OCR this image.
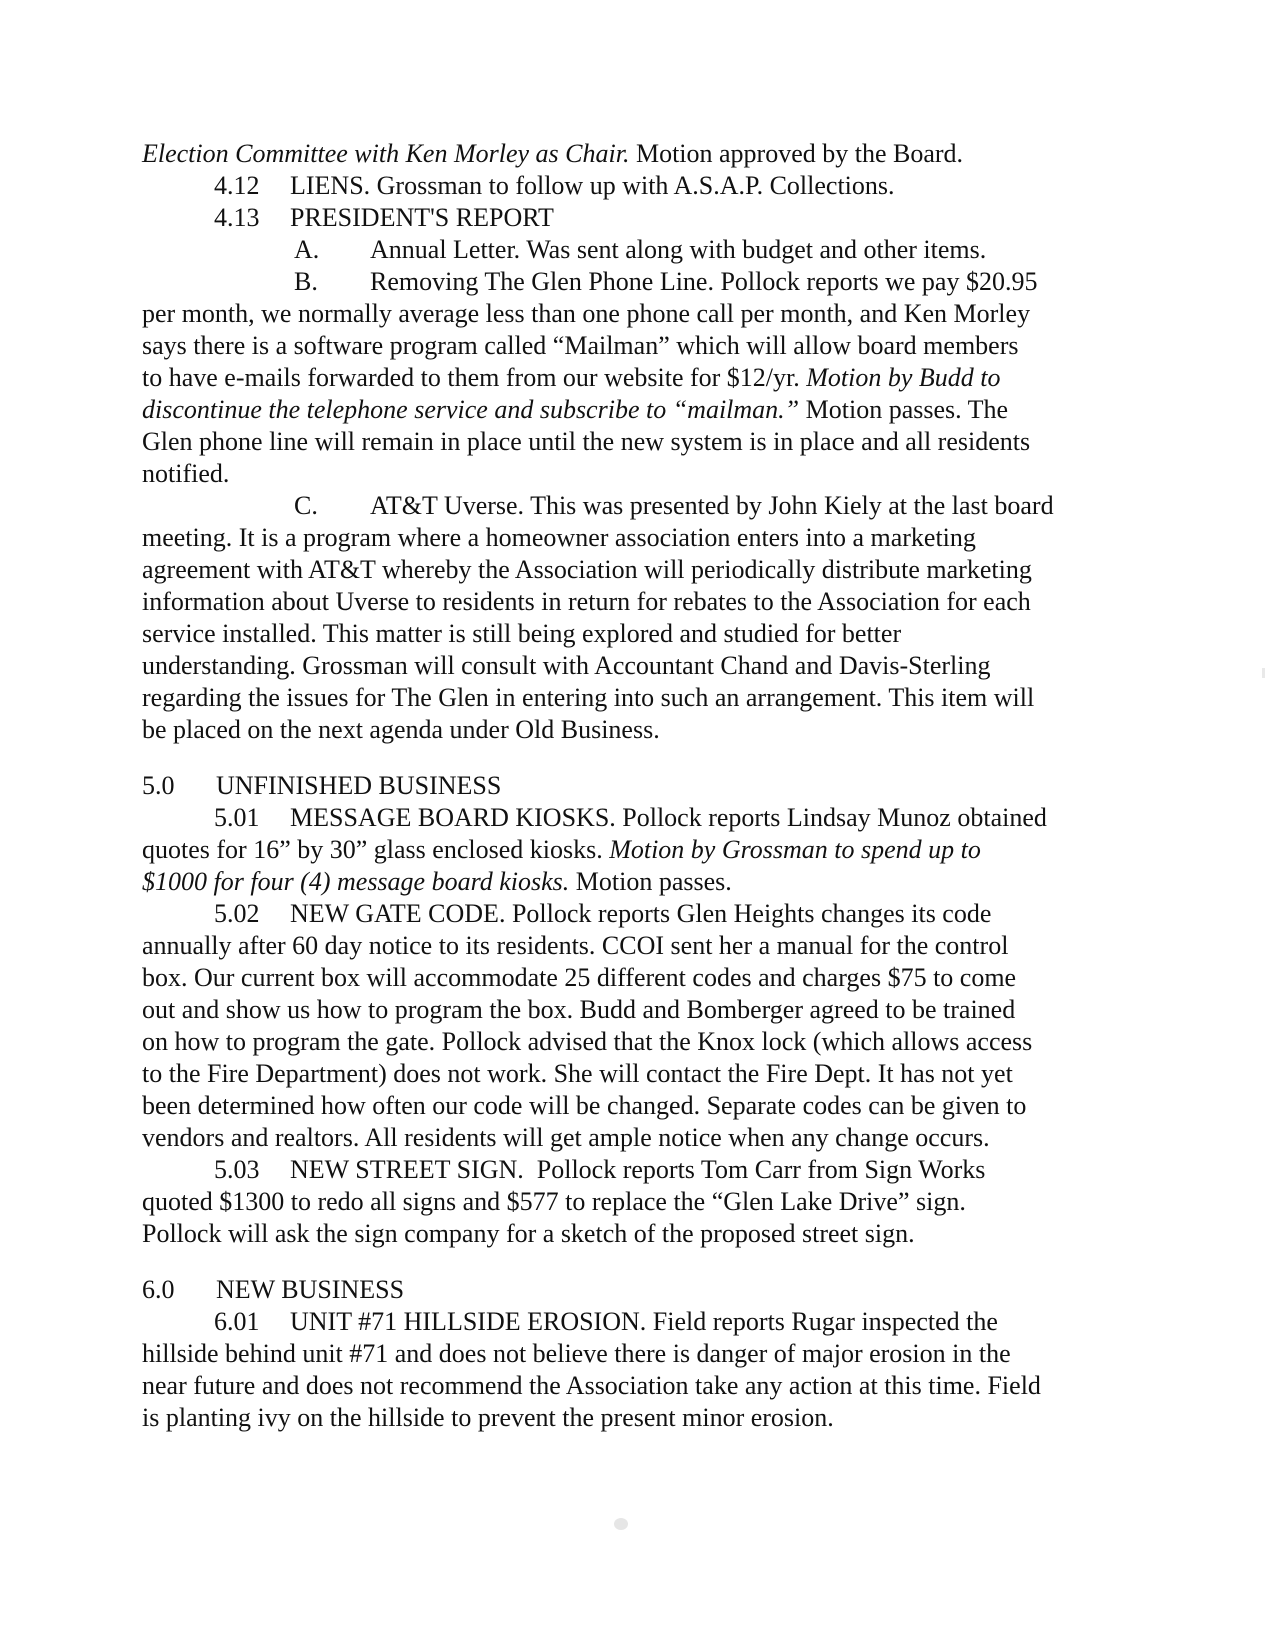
Election Committee with Ken Morley as Chair. Motion approved by the Board.
4.12 LIENS. Grossman to follow up with A.S.A.P. Collections.
4.13 PRESIDENT'S REPORT
A. Annual Letter. Was sent along with budget and other items.
B. Removing The Glen Phone Line. Pollock reports we pay $20.95
per month, we normally average less than one phone call per month, and Ken Morley
says there is a software program called “Mailman” which will allow board members
to have e-mails forwarded to them from our website for $12/yr. Motion by Budd to
discontinue the telephone service and subscribe to “mailman.” Motion passes. The
Glen phone line will remain in place until the new system is in place and all residents
notified.
C. AT&T Uverse. This was presented by John Kiely at the last board
meeting. It is a program where a homeowner association enters into a marketing
agreement with AT&T whereby the Association will periodically distribute marketing
information about Uverse to residents in return for rebates to the Association for each
service installed. This matter is still being explored and studied for better
understanding. Grossman will consult with Accountant Chand and Davis-Sterling
regarding the issues for The Glen in entering into such an arrangement. This item will
be placed on the next agenda under Old Business.
5.0 UNFINISHED BUSINESS
5.01 MESSAGE BOARD KIOSKS. Pollock reports Lindsay Munoz obtained
quotes for 16” by 30” glass enclosed kiosks. Motion by Grossman to spend up to
$1000 for four (4) message board kiosks. Motion passes.
5.02 NEW GATE CODE. Pollock reports Glen Heights changes its code
annually after 60 day notice to its residents. CCOI sent her a manual for the control
box. Our current box will accommodate 25 different codes and charges $75 to come
out and show us how to program the box. Budd and Bomberger agreed to be trained
on how to program the gate. Pollock advised that the Knox lock (which allows access
to the Fire Department) does not work. She will contact the Fire Dept. It has not yet
been determined how often our code will be changed. Separate codes can be given to
vendors and realtors. All residents will get ample notice when any change occurs.
5.03 NEW STREET SIGN.  Pollock reports Tom Carr from Sign Works
quoted $1300 to redo all signs and $577 to replace the “Glen Lake Drive” sign.
Pollock will ask the sign company for a sketch of the proposed street sign.
6.0 NEW BUSINESS
6.01 UNIT #71 HILLSIDE EROSION. Field reports Rugar inspected the
hillside behind unit #71 and does not believe there is danger of major erosion in the
near future and does not recommend the Association take any action at this time. Field
is planting ivy on the hillside to prevent the present minor erosion.
